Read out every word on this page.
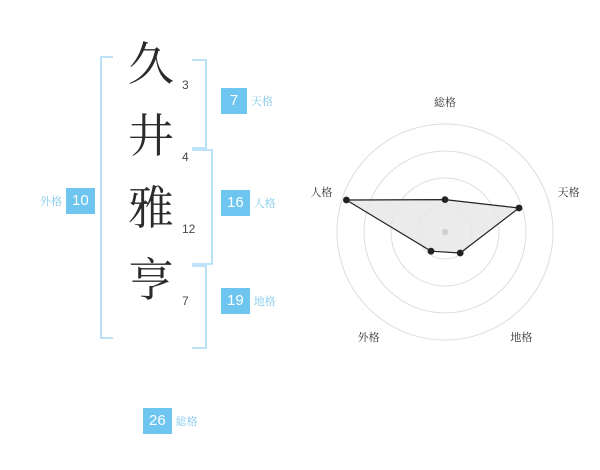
久 3
井 4
雅 12
亨 7
7	天格
16 人格
19 地格
外格 10
26 総格
総格
天格
地格
外格
人格
